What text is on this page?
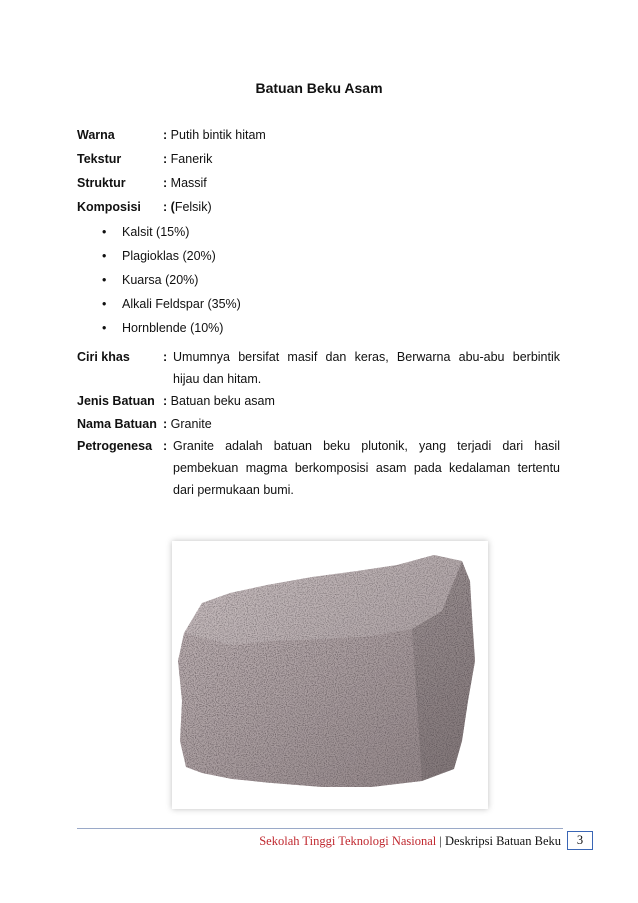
Batuan Beku Asam
Warna	: Putih bintik hitam
Tekstur	: Fanerik
Struktur	: Massif
Komposisi : (Felsik)
• Kalsit (15%)
• Plagioklas (20%)
• Kuarsa (20%)
• Alkali Feldspar (35%)
• Hornblende (10%)
Ciri khas	: Umumnya bersifat masif dan keras, Berwarna abu-abu berbintik
hijau dan hitam.
Jenis Batuan : Batuan beku asam
Nama Batuan : Granite
Petrogenesa : Granite adalah batuan beku plutonik, yang terjadi dari hasil
pembekuan magma berkomposisi asam pada kedalaman tertentu
dari permukaan bumi.
Sekolah Tinggi Teknologi Nasional | Deskripsi Batuan Beku	3
